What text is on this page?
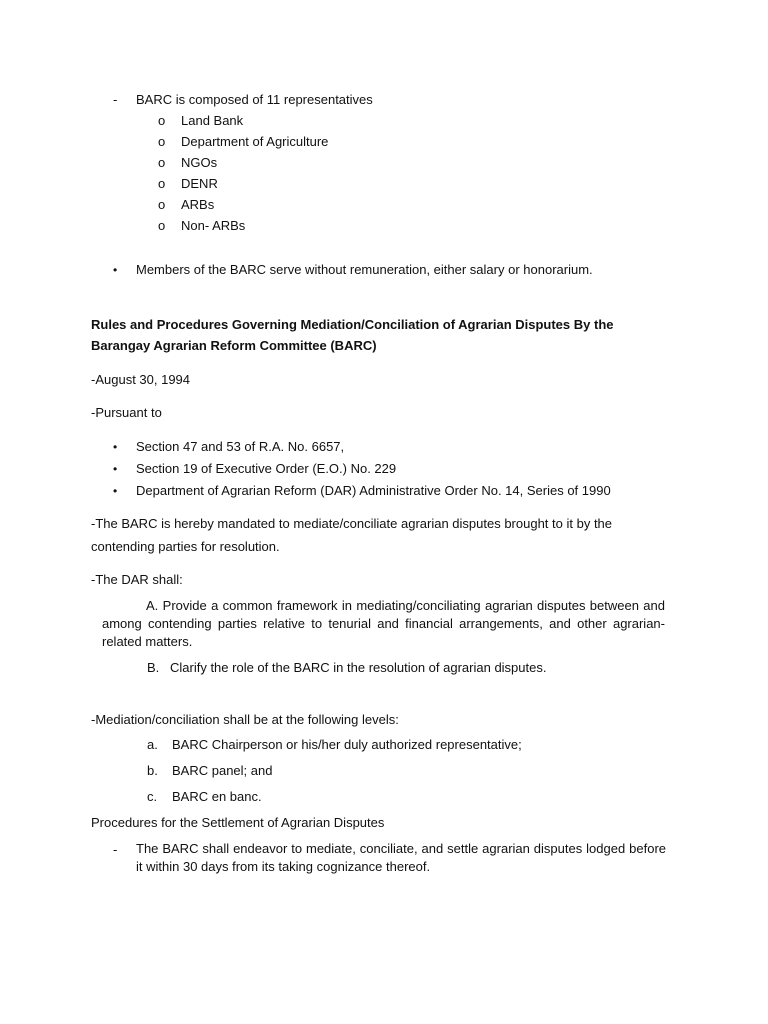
- BARC is composed of 11 representatives
o Land Bank
o Department of Agriculture
o NGOs
o DENR
o ARBs
o Non- ARBs
• Members of the BARC serve without remuneration, either salary or honorarium.
Rules and Procedures Governing Mediation/Conciliation of Agrarian Disputes By the
Barangay Agrarian Reform Committee (BARC)
-August 30, 1994
-Pursuant to
• Section 47 and 53 of R.A. No. 6657,
• Section 19 of Executive Order (E.O.) No. 229
• Department of Agrarian Reform (DAR) Administrative Order No. 14, Series of 1990
-The BARC is hereby mandated to mediate/conciliate agrarian disputes brought to it by the
contending parties for resolution.
-The DAR shall:
A. Provide a common framework in mediating/conciliating agrarian disputes between and among contending parties relative to tenurial and financial arrangements, and other agrarian-related matters.
B. Clarify the role of the BARC in the resolution of agrarian disputes.
-Mediation/conciliation shall be at the following levels:
a. BARC Chairperson or his/her duly authorized representative;
b. BARC panel; and
c. BARC en banc.
Procedures for the Settlement of Agrarian Disputes
- The BARC shall endeavor to mediate, conciliate, and settle agrarian disputes lodged before it within 30 days from its taking cognizance thereof.
